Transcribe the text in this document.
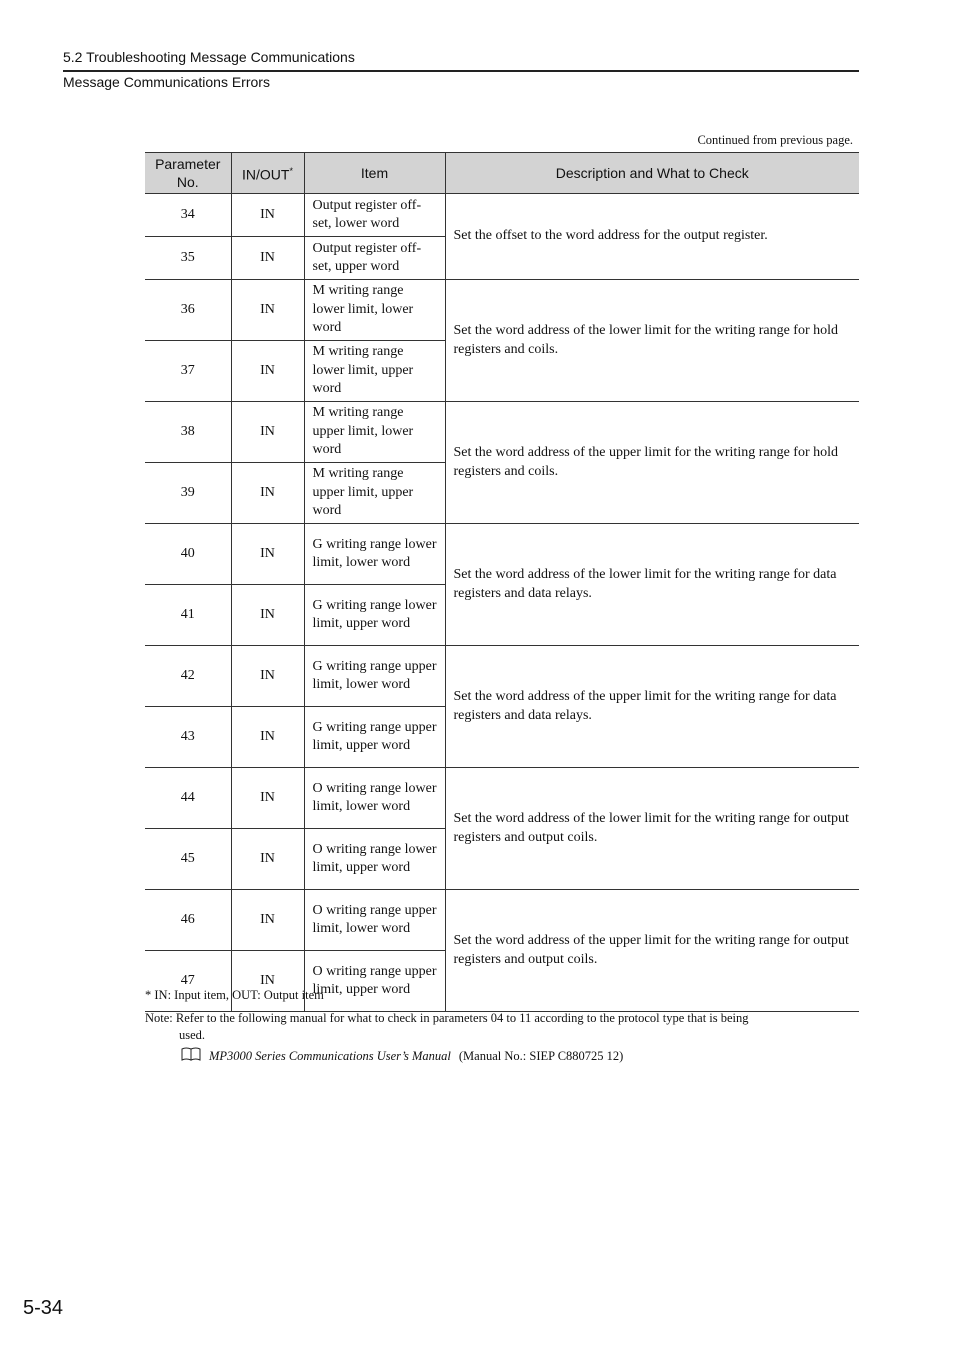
5.2 Troubleshooting Message Communications
Message Communications Errors
Continued from previous page.
Parameter No.	IN/OUT*	Item	Description and What to Check
34	IN	Output register off-set, lower word	Set the offset to the word address for the output register.
35	IN	Output register off-set, upper word	
36	IN	M writing range lower limit, lower word	Set the word address of the lower limit for the writing range for hold registers and coils.
37	IN	M writing range lower limit, upper word	
38	IN	M writing range upper limit, lower word	Set the word address of the upper limit for the writing range for hold registers and coils.
39	IN	M writing range upper limit, upper word	
40	IN	G writing range lower limit, lower word	Set the word address of the lower limit for the writing range for data registers and data relays.
41	IN	G writing range lower limit, upper word	
42	IN	G writing range upper limit, lower word	Set the word address of the upper limit for the writing range for data registers and data relays.
43	IN	G writing range upper limit, upper word	
44	IN	O writing range lower limit, lower word	Set the word address of the lower limit for the writing range for output registers and output coils.
45	IN	O writing range lower limit, upper word	
46	IN	O writing range upper limit, lower word	Set the word address of the upper limit for the writing range for output registers and output coils.
47	IN	O writing range upper limit, upper word	
* IN: Input item, OUT: Output item
Note: Refer to the following manual for what to check in parameters 04 to 11 according to the protocol type that is being
used.
MP3000 Series Communications User’s Manual (Manual No.: SIEP C880725 12)
5-34
